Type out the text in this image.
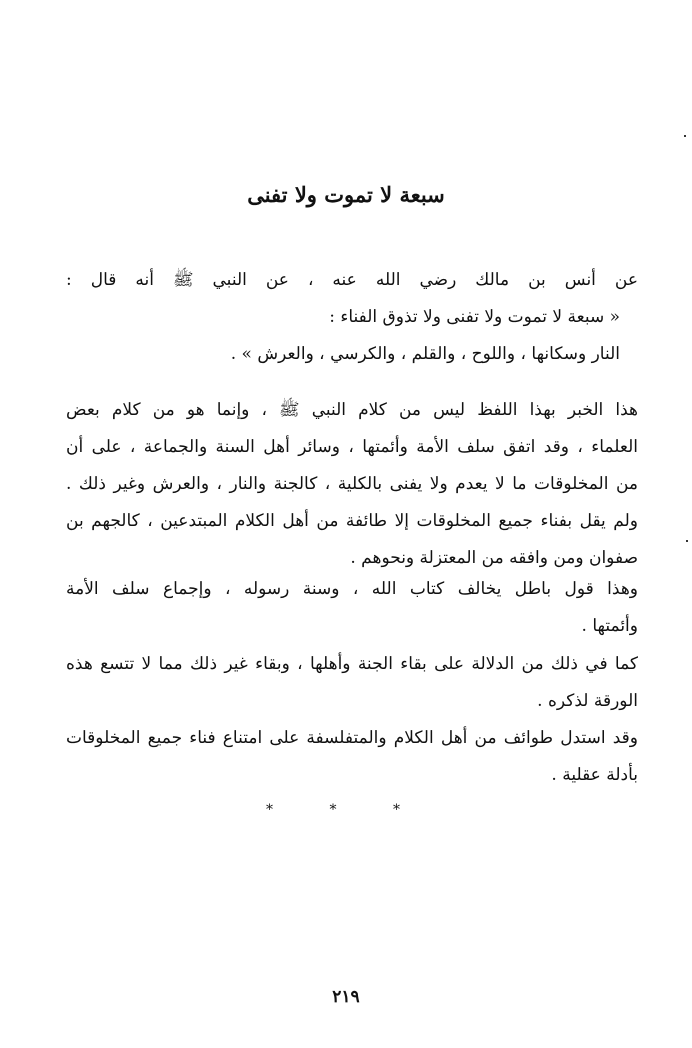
سبعة لا تموت ولا تفنى
عن أنس بن مالك رضي الله عنه ، عن النبي ﷺ أنه قال :
« سبعة لا تموت ولا تفنى ولا تذوق الفناء :
النار وسكانها ، واللوح ، والقلم ، والكرسي ، والعرش » .
هذا الخبر بهذا اللفظ ليس من كلام النبي ﷺ ، وإنما هو من كلام بعض
العلماء ، وقد اتفق سلف الأمة وأئمتها ، وسائر أهل السنة والجماعة ، على أن
من المخلوقات ما لا يعدم ولا يفنى بالكلية ، كالجنة والنار ، والعرش وغير ذلك .
ولم يقل بفناء جميع المخلوقات إلا طائفة من أهل الكلام المبتدعين ، كالجهم بن
صفوان ومن وافقه من المعتزلة ونحوهم .
وهذا قول باطل يخالف كتاب الله ، وسنة رسوله ، وإجماع سلف الأمة
وأئمتها .
كما في ذلك من الدلالة على بقاء الجنة وأهلها ، وبقاء غير ذلك مما لا تتسع هذه
الورقة لذكره .
وقد استدل طوائف من أهل الكلام والمتفلسفة على امتناع فناء جميع المخلوقات
بأدلة عقلية .
* * *
٢١٩
